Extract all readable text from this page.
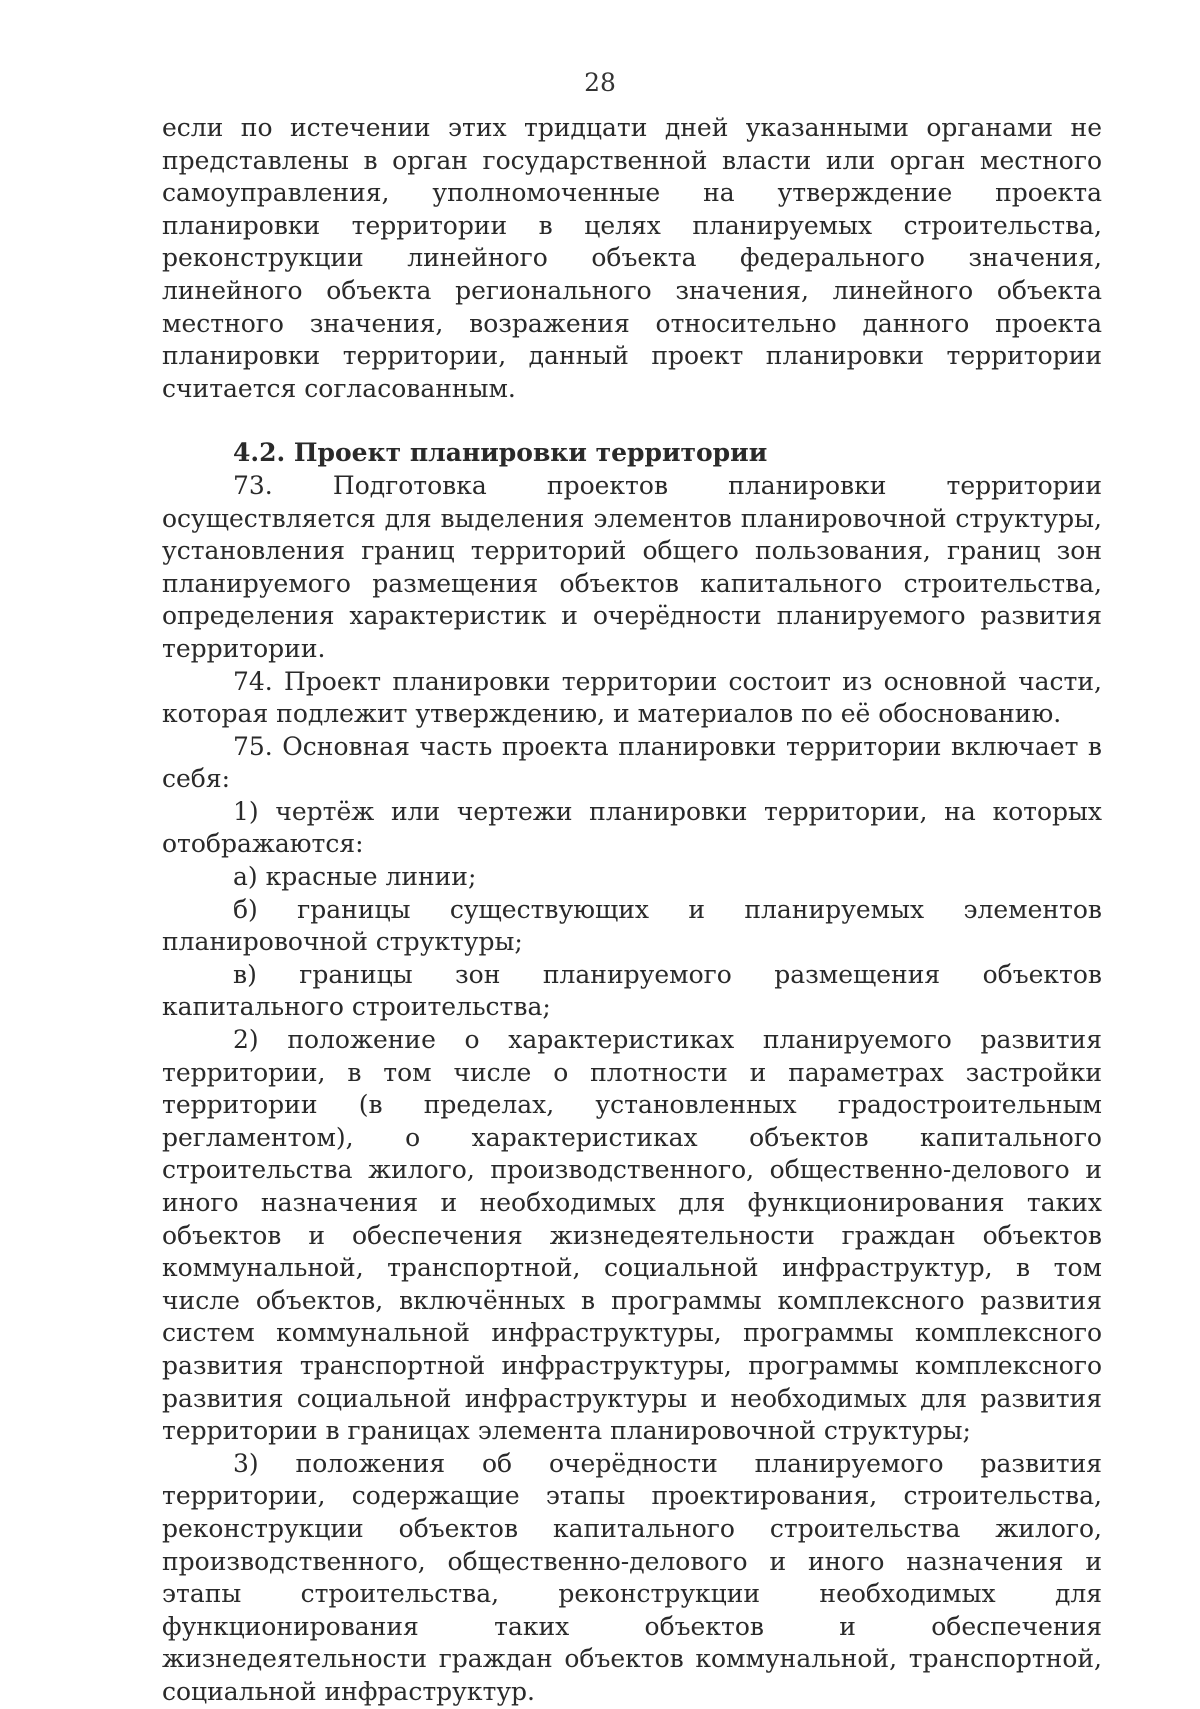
28

если по истечении этих тридцати дней указанными органами не представлены в орган государственной власти или орган местного самоуправления, уполномоченные на утверждение проекта планировки территории в целях планируемых строительства, реконструкции линейного объекта федерального значения, линейного объекта регионального значения, линейного объекта местного значения, возражения относительно данного проекта планировки территории, данный проект планировки территории считается согласованным.

4.2. Проект планировки территории

73. Подготовка проектов планировки территории осуществляется для выделения элементов планировочной структуры, установления границ территорий общего пользования, границ зон планируемого размещения объектов капитального строительства, определения характеристик и очерёдности планируемого развития территории.

74. Проект планировки территории состоит из основной части, которая подлежит утверждению, и материалов по её обоснованию.

75. Основная часть проекта планировки территории включает в себя:

1) чертёж или чертежи планировки территории, на которых отображаются:

а) красные линии;

б) границы существующих и планируемых элементов планировочной структуры;

в) границы зон планируемого размещения объектов капитального строительства;

2) положение о характеристиках планируемого развития территории, в том числе о плотности и параметрах застройки территории (в пределах, установленных градостроительным регламентом), о характеристиках объектов капитального строительства жилого, производственного, общественно-делового и иного назначения и необходимых для функционирования таких объектов и обеспечения жизнедеятельности граждан объектов коммунальной, транспортной, социальной инфраструктур, в том числе объектов, включённых в программы комплексного развития систем коммунальной инфраструктуры, программы комплексного развития транспортной инфраструктуры, программы комплексного развития социальной инфраструктуры и необходимых для развития территории в границах элемента планировочной структуры;

3) положения об очерёдности планируемого развития территории, содержащие этапы проектирования, строительства, реконструкции объектов капитального строительства жилого, производственного, общественно-делового и иного назначения и этапы строительства, реконструкции необходимых для функционирования таких объектов и обеспечения жизнедеятельности граждан объектов коммунальной, транспортной, социальной инфраструктур.
